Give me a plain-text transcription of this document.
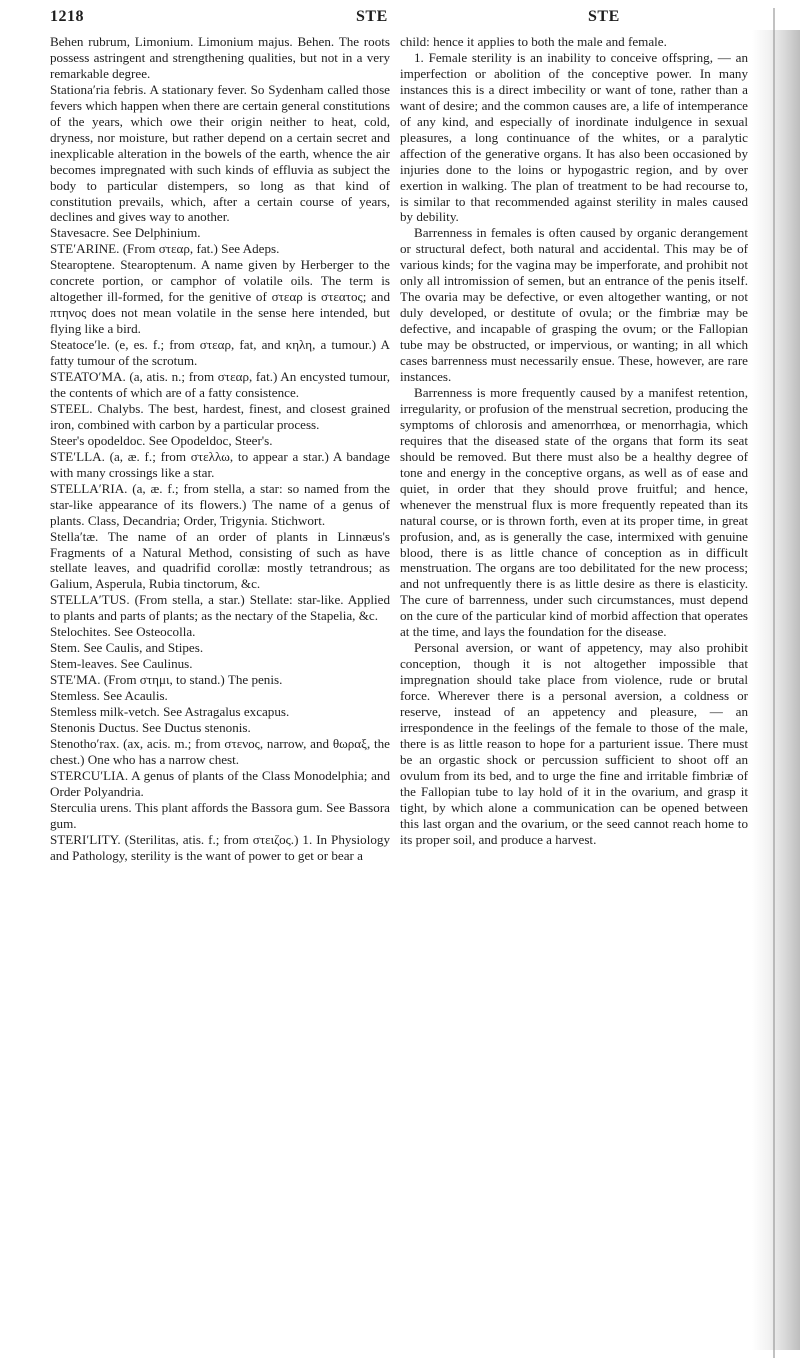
1218	STE	STE

Behen rubrum, Limonium. Limonium majus. Behen. The roots possess astringent and strengthening qualities, but not in a very remarkable degree.

Stationa′ria febris. A stationary fever. So Sydenham called those fevers which happen when there are certain general constitutions of the years, which owe their origin neither to heat, cold, dryness, nor moisture, but rather depend on a certain secret and inexplicable alteration in the bowels of the earth, whence the air becomes impregnated with such kinds of effluvia as subject the body to particular distempers, so long as that kind of constitution prevails, which, after a certain course of years, declines and gives way to another.

Stavesacre. See Delphinium.

STE′ARINE. (From στεαρ, fat.) See Adeps.

Stearoptene. Stearoptenum. A name given by Herberger to the concrete portion, or camphor of volatile oils. The term is altogether ill-formed, for the genitive of στεαρ is στεατος; and πτηνος does not mean volatile in the sense here intended, but flying like a bird.

Steatoce′le. (e, es. f.; from στεαρ, fat, and κηλη, a tumour.) A fatty tumour of the scrotum.

STEATO′MA. (a, atis. n.; from στεαρ, fat.) An encysted tumour, the contents of which are of a fatty consistence.

STEEL. Chalybs. The best, hardest, finest, and closest grained iron, combined with carbon by a particular process.

Steer's opodeldoc. See Opodeldoc, Steer's.

STE′LLA. (a, æ. f.; from στελλω, to appear a star.) A bandage with many crossings like a star.

STELLA′RIA. (a, æ. f.; from stella, a star: so named from the star-like appearance of its flowers.) The name of a genus of plants. Class, Decandria; Order, Trigynia. Stichwort.

Stella′tæ. The name of an order of plants in Linnæus's Fragments of a Natural Method, consisting of such as have stellate leaves, and quadrifid corollæ: mostly tetrandrous; as Galium, Asperula, Rubia tinctorum, &c.

STELLA′TUS. (From stella, a star.) Stellate: star-like. Applied to plants and parts of plants; as the nectary of the Stapelia, &c.

Stelochites. See Osteocolla.

Stem. See Caulis, and Stipes.

Stem-leaves. See Caulinus.

STE′MA. (From στημι, to stand.) The penis.

Stemless. See Acaulis.

Stemless milk-vetch. See Astragalus excapus.

Stenonis Ductus. See Ductus stenonis.

Stenotho′rax. (ax, acis. m.; from στενος, narrow, and θωραξ, the chest.) One who has a narrow chest.

STERCU′LIA. A genus of plants of the Class Monodelphia; and Order Polyandria.

Sterculia urens. This plant affords the Bassora gum. See Bassora gum.

STERI′LITY. (Sterilitas, atis. f.; from στειζος.) 1. In Physiology and Pathology, sterility is the want of power to get or bear a

child: hence it applies to both the male and female.

1. Female sterility is an inability to conceive offspring, — an imperfection or abolition of the conceptive power. In many instances this is a direct imbecility or want of tone, rather than a want of desire; and the common causes are, a life of intemperance of any kind, and especially of inordinate indulgence in sexual pleasures, a long continuance of the whites, or a paralytic affection of the generative organs. It has also been occasioned by injuries done to the loins or hypogastric region, and by over exertion in walking. The plan of treatment to be had recourse to, is similar to that recommended against sterility in males caused by debility.

Barrenness in females is often caused by organic derangement or structural defect, both natural and accidental. This may be of various kinds; for the vagina may be imperforate, and prohibit not only all intromission of semen, but an entrance of the penis itself. The ovaria may be defective, or even altogether wanting, or not duly developed, or destitute of ovula; or the fimbriæ may be defective, and incapable of grasping the ovum; or the Fallopian tube may be obstructed, or impervious, or wanting; in all which cases barrenness must necessarily ensue. These, however, are rare instances.

Barrenness is more frequently caused by a manifest retention, irregularity, or profusion of the menstrual secretion, producing the symptoms of chlorosis and amenorrhœa, or menorrhagia, which requires that the diseased state of the organs that form its seat should be removed. But there must also be a healthy degree of tone and energy in the conceptive organs, as well as of ease and quiet, in order that they should prove fruitful; and hence, whenever the menstrual flux is more frequently repeated than its natural course, or is thrown forth, even at its proper time, in great profusion, and, as is generally the case, intermixed with genuine blood, there is as little chance of conception as in difficult menstruation. The organs are too debilitated for the new process; and not unfrequently there is as little desire as there is elasticity. The cure of barrenness, under such circumstances, must depend on the cure of the particular kind of morbid affection that operates at the time, and lays the foundation for the disease.

Personal aversion, or want of appetency, may also prohibit conception, though it is not altogether impossible that impregnation should take place from violence, rude or brutal force. Wherever there is a personal aversion, a coldness or reserve, instead of an appetency and pleasure, — an irrespondence in the feelings of the female to those of the male, there is as little reason to hope for a parturient issue. There must be an orgastic shock or percussion sufficient to shoot off an ovulum from its bed, and to urge the fine and irritable fimbriæ of the Fallopian tube to lay hold of it in the ovarium, and grasp it tight, by which alone a communication can be opened between this last organ and the ovarium, or the seed cannot reach home to its proper soil, and produce a harvest.
